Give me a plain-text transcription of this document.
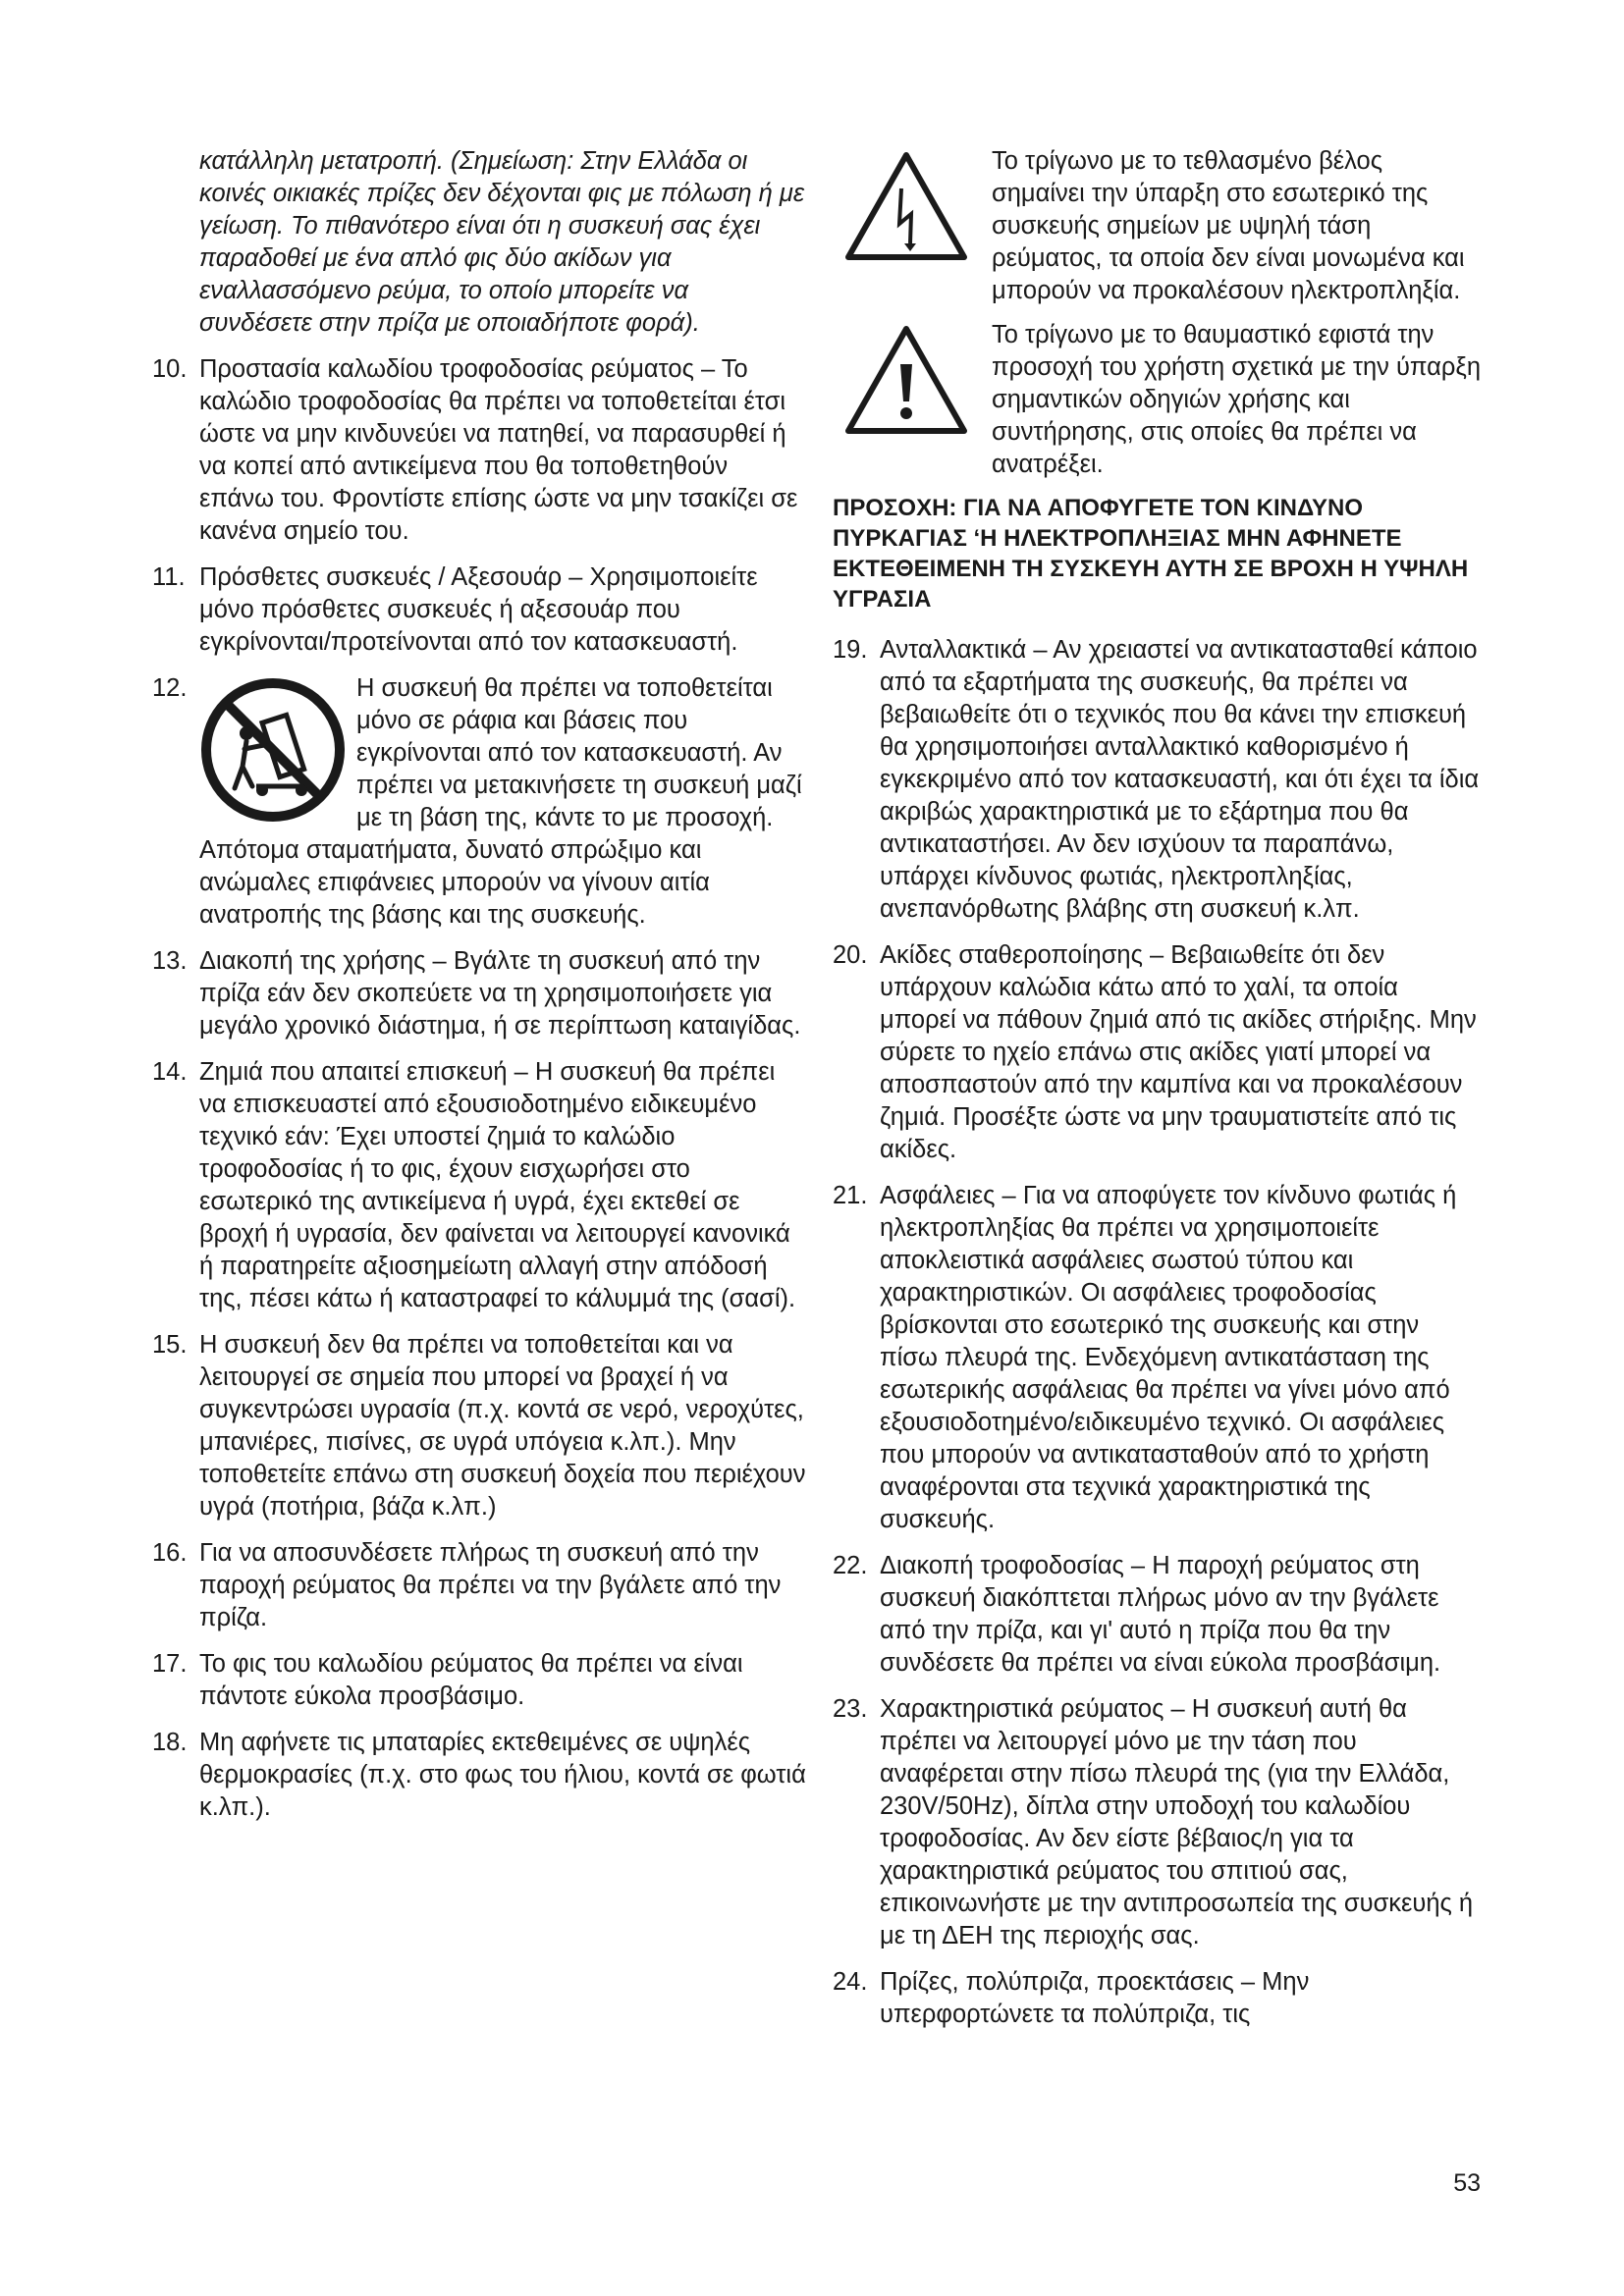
κατάλληλη μετατροπή. (Σημείωση: Στην Ελλάδα οι κοινές οικιακές πρίζες δεν δέχονται φις με πόλωση ή με γείωση. Το πιθανότερο είναι ότι η συσκευή σας έχει παραδοθεί με ένα απλό φις δύο ακίδων για εναλλασσόμενο ρεύμα, το οποίο μπορείτε να συνδέσετε στην πρίζα με οποιαδήποτε φορά).

10. Προστασία καλωδίου τροφοδοσίας ρεύματος – Το καλώδιο τροφοδοσίας θα πρέπει να τοποθετείται έτσι ώστε να μην κινδυνεύει να πατηθεί, να παρασυρθεί ή να κοπεί από αντικείμενα που θα τοποθετηθούν επάνω του. Φροντίστε επίσης ώστε να μην τσακίζει σε κανένα σημείο του.
11. Πρόσθετες συσκευές / Αξεσουάρ – Χρησιμοποιείτε μόνο πρόσθετες συσκευές ή αξεσουάρ που εγκρίνονται/προτείνονται από τον κατασκευαστή.
12.	Η συσκευή θα πρέπει να τοποθετείται μόνο σε ράφια και βάσεις που εγκρίνονται από τον κατασκευαστή. Αν πρέπει να μετακινήσετε τη συσκευή μαζί με τη βάση της, κάντε το με προσοχή. Απότομα σταματήματα, δυνατό σπρώξιμο και ανώμαλες επιφάνειες μπορούν να γίνουν αιτία ανατροπής της βάσης και της συσκευής.
13. Διακοπή της χρήσης – Βγάλτε τη συσκευή από την πρίζα εάν δεν σκοπεύετε να τη χρησιμοποιήσετε για μεγάλο χρονικό διάστημα, ή σε περίπτωση καταιγίδας.
14. Ζημιά που απαιτεί επισκευή – Η συσκευή θα πρέπει να επισκευαστεί από εξουσιοδοτημένο ειδικευμένο τεχνικό εάν: Έχει υποστεί ζημιά το καλώδιο τροφοδοσίας ή το φις, έχουν εισχωρήσει στο εσωτερικό της αντικείμενα ή υγρά, έχει εκτεθεί σε βροχή ή υγρασία, δεν φαίνεται να λειτουργεί κανονικά ή παρατηρείτε αξιοσημείωτη αλλαγή στην απόδοσή της, πέσει κάτω ή καταστραφεί το κάλυμμά της (σασί).
15. Η συσκευή δεν θα πρέπει να τοποθετείται και να λειτουργεί σε σημεία που μπορεί να βραχεί ή να συγκεντρώσει υγρασία (π.χ. κοντά σε νερό, νεροχύτες, μπανιέρες, πισίνες, σε υγρά υπόγεια κ.λπ.). Μην τοποθετείτε επάνω στη συσκευή δοχεία που περιέχουν υγρά (ποτήρια, βάζα κ.λπ.)
16. Για να αποσυνδέσετε πλήρως τη συσκευή από την παροχή ρεύματος θα πρέπει να την βγάλετε από την πρίζα.
17. Το φις του καλωδίου ρεύματος θα πρέπει να είναι πάντοτε εύκολα προσβάσιμο.
18. Μη αφήνετε τις μπαταρίες εκτεθειμένες σε υψηλές θερμοκρασίες (π.χ. στο φως του ήλιου, κοντά σε φωτιά κ.λπ.).
Το τρίγωνο με το τεθλασμένο βέλος σημαίνει την ύπαρξη στο εσωτερικό της συσκευής σημείων με υψηλή τάση ρεύματος, τα οποία δεν είναι μονωμένα και μπορούν να προκαλέσουν ηλεκτροπληξία.
Το τρίγωνο με το θαυμαστικό εφιστά την προσοχή του χρήστη σχετικά με την ύπαρξη σημαντικών οδηγιών χρήσης και συντήρησης, στις οποίες θα πρέπει να ανατρέξει.

ΠΡΟΣΟΧΗ: ΓΙΑ ΝΑ ΑΠΟΦΥΓΕΤΕ ΤΟΝ ΚΙΝΔΥΝΟ ΠΥΡΚΑΓΙΑΣ ‘Η ΗΛΕΚΤΡΟΠΛΗΞΙΑΣ ΜΗΝ ΑΦΗΝΕΤΕ ΕΚΤΕΘΕΙΜΕΝΗ ΤΗ ΣΥΣΚΕΥΗ ΑΥΤΗ ΣΕ ΒΡΟΧΗ Η ΥΨΗΛΗ ΥΓΡΑΣΙΑ

19. Ανταλλακτικά – Αν χρειαστεί να αντικατασταθεί κάποιο από τα εξαρτήματα της συσκευής, θα πρέπει να βεβαιωθείτε ότι ο τεχνικός που θα κάνει την επισκευή θα χρησιμοποιήσει ανταλλακτικό καθορισμένο ή εγκεκριμένο από τον κατασκευαστή, και ότι έχει τα ίδια ακριβώς χαρακτηριστικά με το εξάρτημα που θα αντικαταστήσει. Αν δεν ισχύουν τα παραπάνω, υπάρχει κίνδυνος φωτιάς, ηλεκτροπληξίας, ανεπανόρθωτης βλάβης στη συσκευή κ.λπ.
20. Ακίδες σταθεροποίησης – Βεβαιωθείτε ότι δεν υπάρχουν καλώδια κάτω από το χαλί, τα οποία μπορεί να πάθουν ζημιά από τις ακίδες στήριξης. Μην σύρετε το ηχείο επάνω στις ακίδες γιατί μπορεί να αποσπαστούν από την καμπίνα και να προκαλέσουν ζημιά. Προσέξτε ώστε να μην τραυματιστείτε από τις ακίδες.
21. Ασφάλειες – Για να αποφύγετε τον κίνδυνο φωτιάς ή ηλεκτροπληξίας θα πρέπει να χρησιμοποιείτε αποκλειστικά ασφάλειες σωστού τύπου και χαρακτηριστικών. Οι ασφάλειες τροφοδοσίας βρίσκονται στο εσωτερικό της συσκευής και στην πίσω πλευρά της. Ενδεχόμενη αντικατάσταση της εσωτερικής ασφάλειας θα πρέπει να γίνει μόνο από εξουσιοδοτημένο/ειδικευμένο τεχνικό. Οι ασφάλειες που μπορούν να αντικατασταθούν από το χρήστη αναφέρονται στα τεχνικά χαρακτηριστικά της συσκευής.
22. Διακοπή τροφοδοσίας – Η παροχή ρεύματος στη συσκευή διακόπτεται πλήρως μόνο αν την βγάλετε από την πρίζα, και γι' αυτό η πρίζα που θα την συνδέσετε θα πρέπει να είναι εύκολα προσβάσιμη.
23. Χαρακτηριστικά ρεύματος – Η συσκευή αυτή θα πρέπει να λειτουργεί μόνο με την τάση που αναφέρεται στην πίσω πλευρά της (για την Ελλάδα, 230V/50Hz), δίπλα στην υποδοχή του καλωδίου τροφοδοσίας. Αν δεν είστε βέβαιος/η για τα χαρακτηριστικά ρεύματος του σπιτιού σας, επικοινωνήστε με την αντιπροσωπεία της συσκευής ή με τη ΔΕΗ της περιοχής σας.
24. Πρίζες, πολύπριζα, προεκτάσεις – Μην υπερφορτώνετε τα πολύπριζα, τις
53
